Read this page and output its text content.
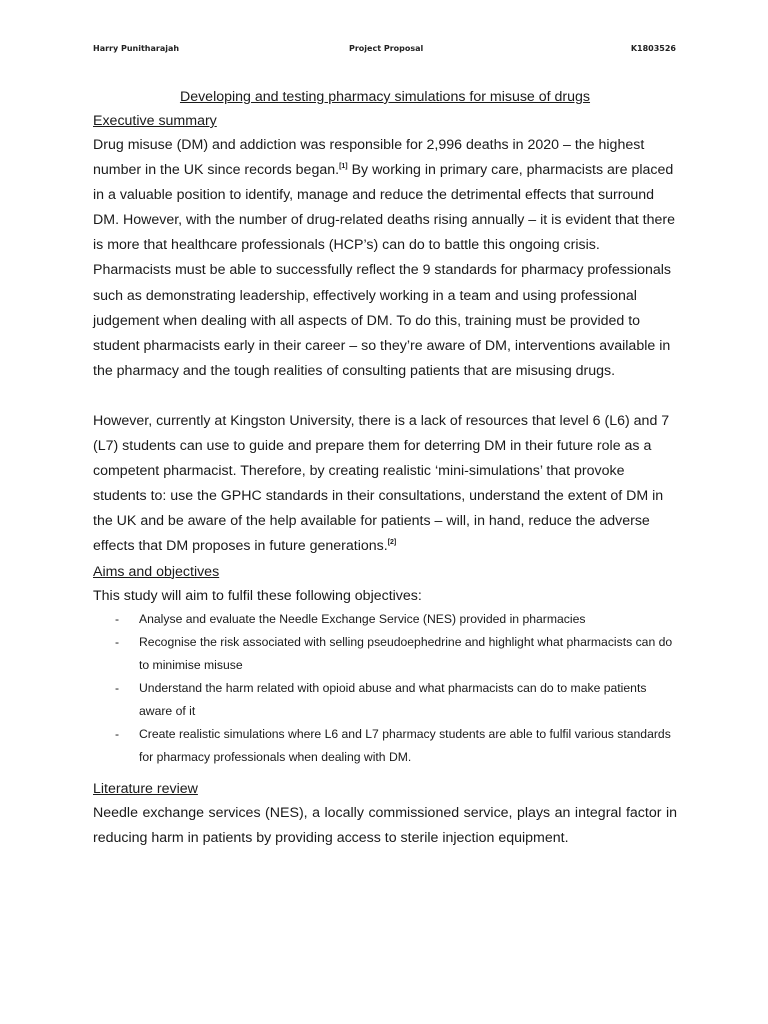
Harry Punitharajah	Project Proposal	K1803526
Developing and testing pharmacy simulations for misuse of drugs
Executive summary

Drug misuse (DM) and addiction was responsible for 2,996 deaths in 2020 – the highest number in the UK since records began.[1] By working in primary care, pharmacists are placed in a valuable position to identify, manage and reduce the detrimental effects that surround DM. However, with the number of drug-related deaths rising annually – it is evident that there is more that healthcare professionals (HCP’s) can do to battle this ongoing crisis. Pharmacists must be able to successfully reflect the 9 standards for pharmacy professionals such as demonstrating leadership, effectively working in a team and using professional judgement when dealing with all aspects of DM. To do this, training must be provided to student pharmacists early in their career – so they’re aware of DM, interventions available in the pharmacy and the tough realities of consulting patients that are misusing drugs.

However, currently at Kingston University, there is a lack of resources that level 6 (L6) and 7 (L7) students can use to guide and prepare them for deterring DM in their future role as a competent pharmacist. Therefore, by creating realistic ‘mini-simulations’ that provoke students to: use the GPHC standards in their consultations, understand the extent of DM in the UK and be aware of the help available for patients – will, in hand, reduce the adverse effects that DM proposes in future generations.[2]

Aims and objectives

This study will aim to fulfil these following objectives:

- Analyse and evaluate the Needle Exchange Service (NES) provided in pharmacies
- Recognise the risk associated with selling pseudoephedrine and highlight what pharmacists can do to minimise misuse
- Understand the harm related with opioid abuse and what pharmacists can do to make patients aware of it
- Create realistic simulations where L6 and L7 pharmacy students are able to fulfil various standards for pharmacy professionals when dealing with DM.
Literature review

Needle exchange services (NES), a locally commissioned service, plays an integral factor in reducing harm in patients by providing access to sterile injection equipment.
